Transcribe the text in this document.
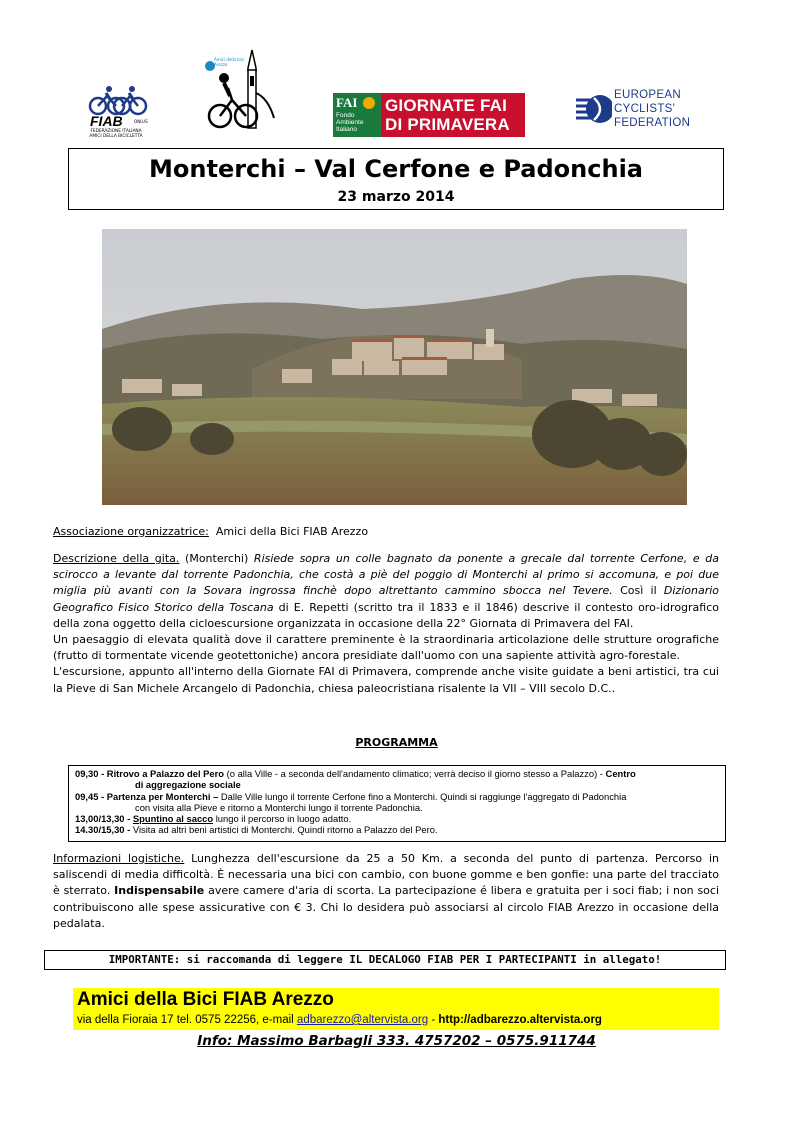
FIAB	ONLUS
FEDERAZIONE ITALIANA
AMICI DELLA BICICLETTA
Amici della bici Arezzo
FAI
Fondo
Ambiente
Italiano
GIORNATE FAI
DI PRIMAVERA
EUROPEAN
CYCLISTS'
FEDERATION
Monterchi – Val Cerfone e Padonchia
23 marzo 2014
Associazione organizzatrice: Amici della Bici FIAB Arezzo
Descrizione della gita. (Monterchi) Risiede sopra un colle bagnato da ponente a grecale dal torrente Cerfone, e da scirocco a levante dal torrente Padonchia, che costà a piè del poggio di Monterchi al primo si accomuna, e poi due miglia più avanti con la Sovara ingrossa finchè dopo altrettanto cammino sbocca nel Tevere. Così il Dizionario Geografico Fisico Storico della Toscana di E. Repetti (scritto tra il 1833 e il 1846) descrive il contesto oro-idrografico della zona oggetto della cicloescursione organizzata in occasione della 22° Giornata di Primavera del FAI.
Un paesaggio di elevata qualità dove il carattere preminente è la straordinaria articolazione delle strutture orografiche (frutto di tormentate vicende geotettoniche) ancora presidiate dall'uomo con una sapiente attività agro-forestale.
L'escursione, appunto all'interno della Giornate FAI di Primavera, comprende anche visite guidate a beni artistici, tra cui la Pieve di San Michele Arcangelo di Padonchia, chiesa paleocristiana risalente la VII – VIII secolo D.C..
PROGRAMMA
09,30 - Ritrovo a Palazzo del Pero (o alla Ville - a seconda dell'andamento climatico; verrà deciso il giorno stesso a Palazzo) - Centro
di aggregazione sociale
09,45 - Partenza per Monterchi – Dalle Ville lungo il torrente Cerfone fino a Monterchi. Quindi si raggiunge l'aggregato di Padonchia
con visita alla Pieve e ritorno a Monterchi lungo il torrente Padonchia.
13,00/13,30 - Spuntino al sacco lungo il percorso in luogo adatto.
14.30/15,30 - Visita ad altri beni artistici di Monterchi. Quindi ritorno a Palazzo del Pero.
Informazioni logistiche. Lunghezza dell'escursione da 25 a 50 Km. a seconda del punto di partenza. Percorso in saliscendi di media difficoltà. È necessaria una bici con cambio, con buone gomme e ben gonfie: una parte del tracciato è sterrato. Indispensabile avere camere d'aria di scorta. La partecipazione é libera e gratuita per i soci fiab; i non soci contribuiscono alle spese assicurative con € 3. Chi lo desidera può associarsi al circolo FIAB Arezzo in occasione della pedalata.
IMPORTANTE: si raccomanda di leggere IL DECALOGO FIAB PER I PARTECIPANTI in allegato!
Amici della Bici FIAB Arezzo
via della Fioraia 17 tel. 0575 22256, e-mail adbarezzo@altervista.org - http://adbarezzo.altervista.org
Info: Massimo Barbagli 333. 4757202 – 0575.911744
